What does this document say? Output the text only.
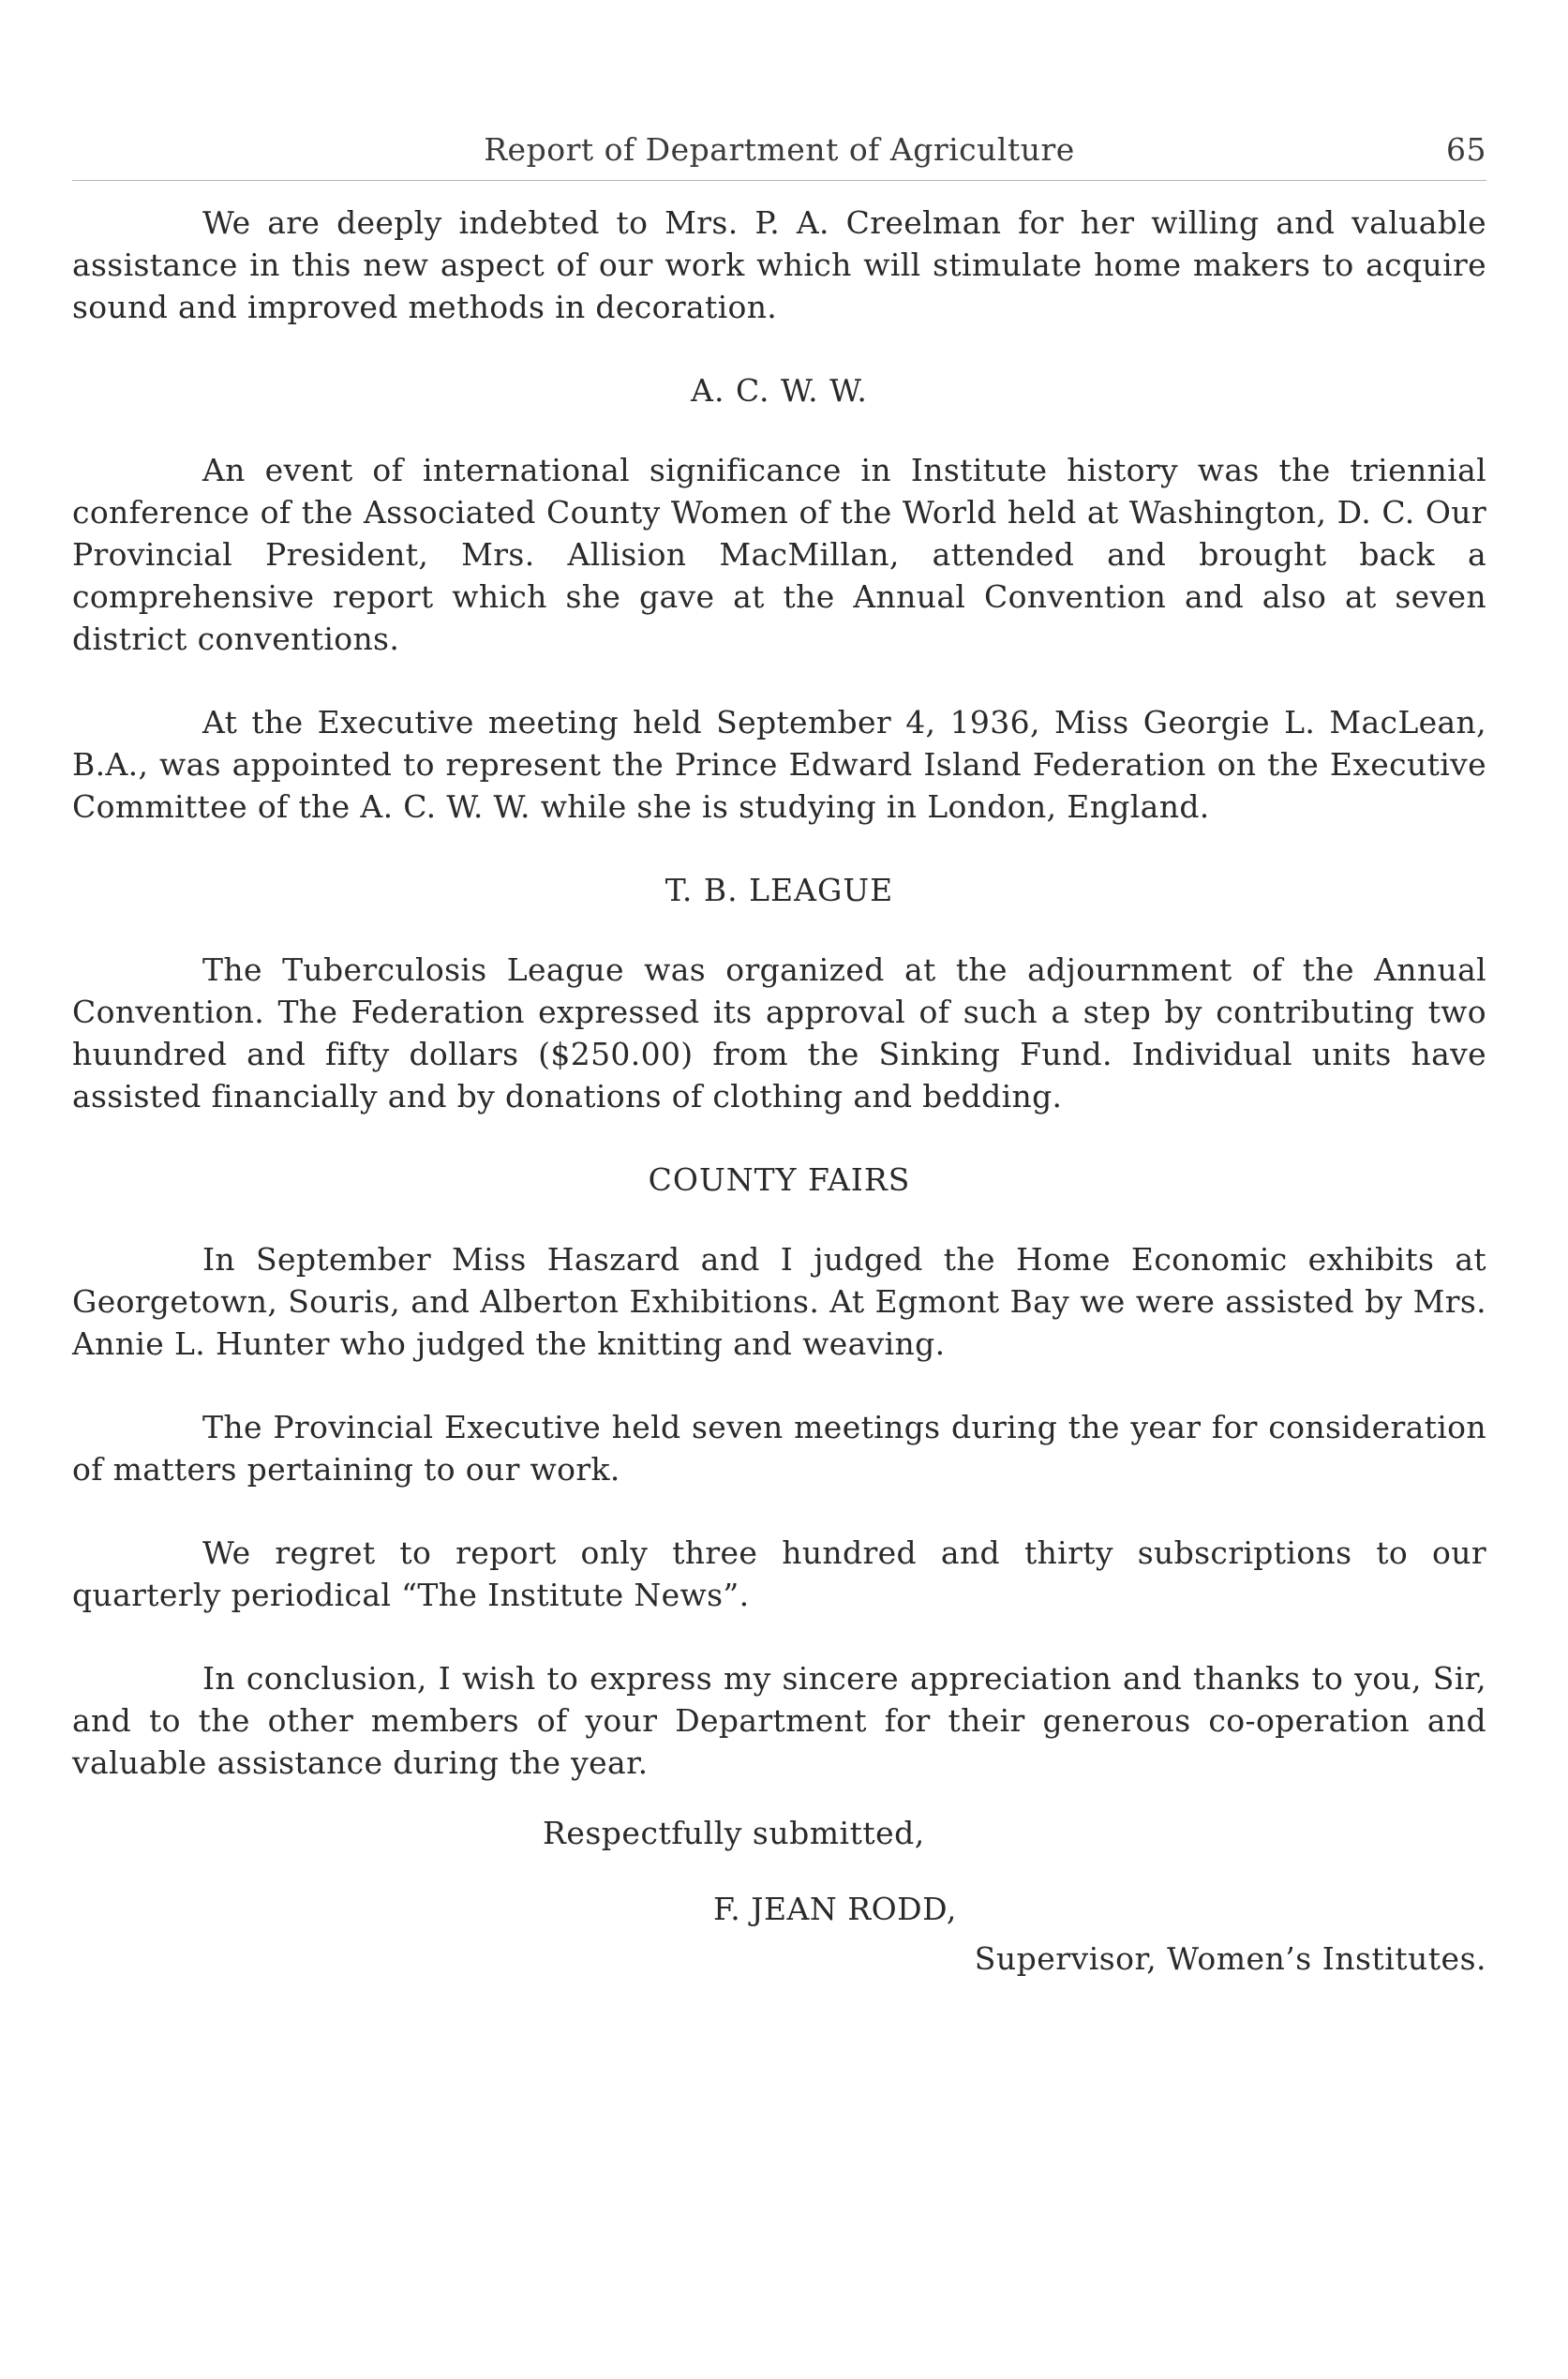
Report of Department of Agriculture	65

We are deeply indebted to Mrs. P. A. Creelman for her willing and valuable assistance in this new aspect of our work which will stimulate home makers to acquire sound and improved methods in decoration.

A. C. W. W.

An event of international significance in Institute history was the triennial conference of the Associated County Women of the World held at Washington, D. C. Our Provincial President, Mrs. Allision MacMillan, attended and brought back a comprehensive report which she gave at the Annual Convention and also at seven district conventions.

At the Executive meeting held September 4, 1936, Miss Georgie L. MacLean, B.A., was appointed to represent the Prince Edward Island Federation on the Executive Committee of the A. C. W. W. while she is studying in London, England.

T. B. LEAGUE

The Tuberculosis League was organized at the adjournment of the Annual Convention. The Federation expressed its approval of such a step by contributing two huundred and fifty dollars ($250.00) from the Sinking Fund. Individual units have assisted financially and by donations of clothing and bedding.

COUNTY FAIRS

In September Miss Haszard and I judged the Home Economic exhibits at Georgetown, Souris, and Alberton Exhibitions. At Egmont Bay we were assisted by Mrs. Annie L. Hunter who judged the knitting and weaving.

The Provincial Executive held seven meetings during the year for consideration of matters pertaining to our work.

We regret to report only three hundred and thirty subscriptions to our quarterly periodical “The Institute News”.

In conclusion, I wish to express my sincere appreciation and thanks to you, Sir, and to the other members of your Department for their generous co-operation and valuable assistance during the year.

Respectfully submitted,
F. JEAN RODD,
Supervisor, Women’s Institutes.
